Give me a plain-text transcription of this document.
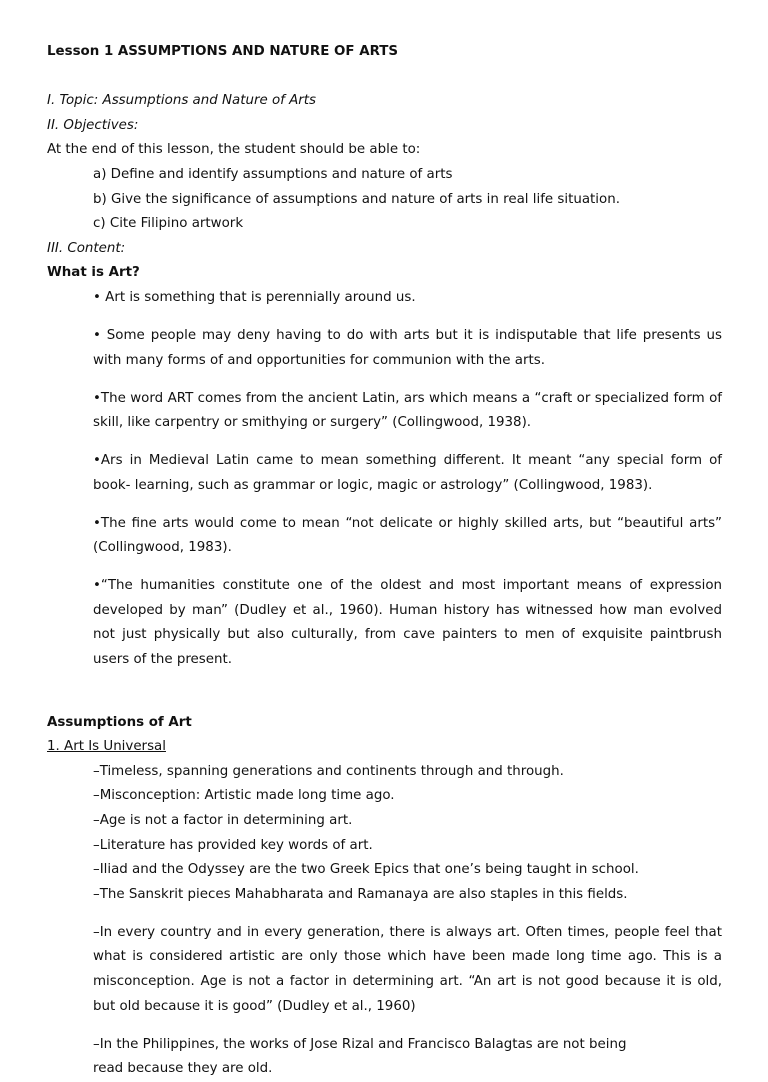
Lesson 1 ASSUMPTIONS AND NATURE OF ARTS

I. Topic: Assumptions and Nature of Arts

II. Objectives:

At the end of this lesson, the student should be able to:

a) Define and identify assumptions and nature of arts

b) Give the significance of assumptions and nature of arts in real life situation.

c) Cite Filipino artwork

III. Content:

What is Art?

• Art is something that is perennially around us.

• Some people may deny having to do with arts but it is indisputable that life presents us with many forms of and opportunities for communion with the arts.

•The word ART comes from the ancient Latin, ars which means a “craft or specialized form of skill, like carpentry or smithying or surgery” (Collingwood, 1938).

•Ars in Medieval Latin came to mean something different. It meant “any special form of book- learning, such as grammar or logic, magic or astrology” (Collingwood, 1983).

•The fine arts would come to mean “not delicate or highly skilled arts, but “beautiful arts” (Collingwood, 1983).

•“The humanities constitute one of the oldest and most important means of expression developed by man” (Dudley et al., 1960). Human history has witnessed how man evolved not just physically but also culturally, from cave painters to men of exquisite paintbrush users of the present.

Assumptions of Art

1. Art Is Universal

–Timeless, spanning generations and continents through and through.

–Misconception: Artistic made long time ago.

–Age is not a factor in determining art.

–Literature has provided key words of art.

–Iliad and the Odyssey are the two Greek Epics that one’s being taught in school.

–The Sanskrit pieces Mahabharata and Ramanaya are also staples in this fields.

–In every country and in every generation, there is always art. Often times, people feel that what is considered artistic are only those which have been made long time ago. This is a misconception. Age is not a factor in determining art. “An art is not good because it is old, but old because it is good” (Dudley et al., 1960)

–In the Philippines, the works of Jose Rizal and Francisco Balagtas are not being

read because they are old.
